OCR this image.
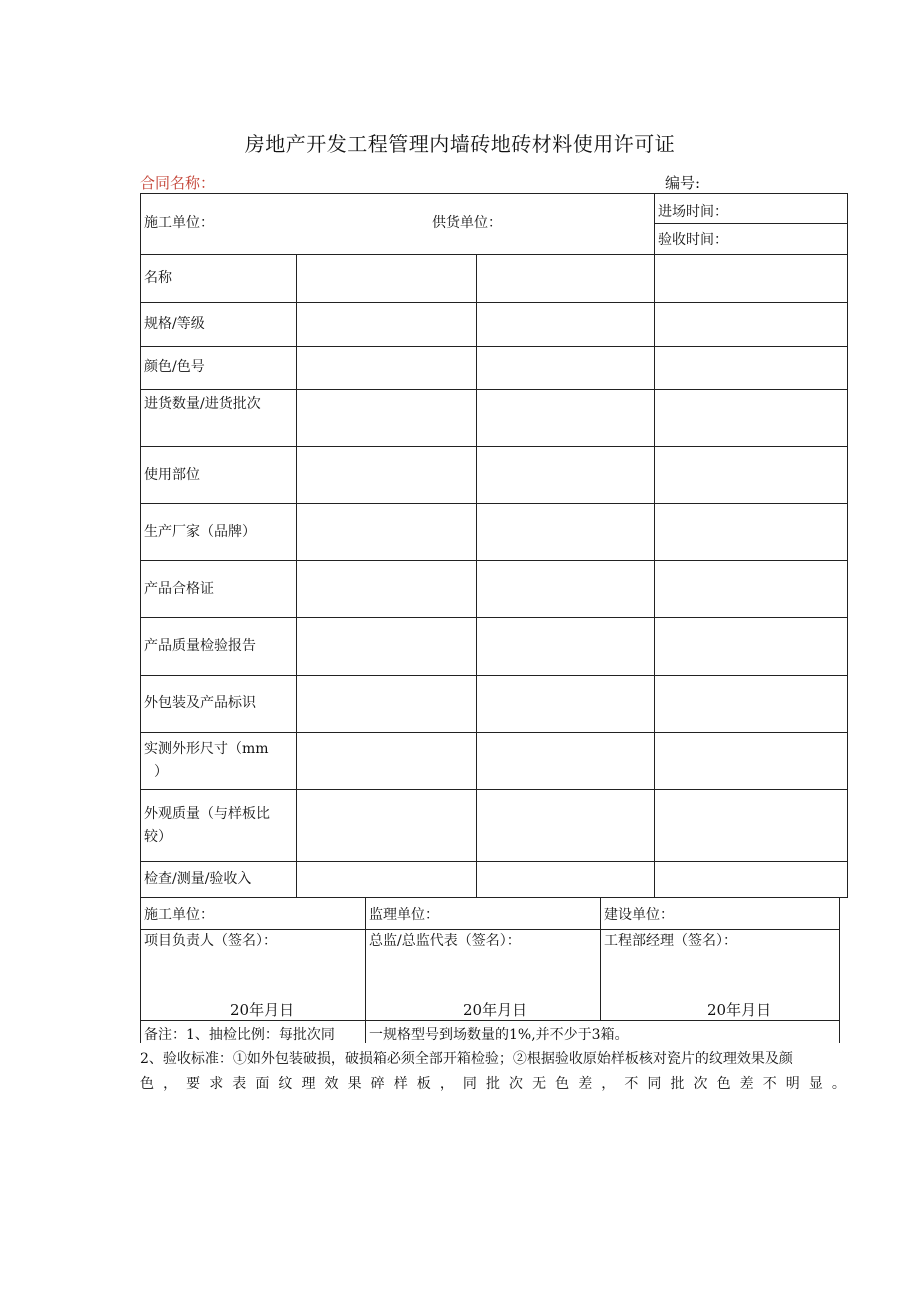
房地产开发工程管理内墙砖地砖材料使用许可证
合同名称：	编号:
施工单位：	供货单位：
进场时间：
验收时间：
名称
规格/等级
颜色/色号
进货数量/进货批次
使用部位
生产厂家（品牌）
产品合格证
产品质量检验报告
外包装及产品标识
实测外形尺寸（mm
）
外观质量（与样板比
较）
检查/测量/验收入
施工单位：	监理单位：	建设单位：
项目负责人（签名）：	总监/总监代表（签名）：	工程部经理（签名）：
20年月日	20年月日	20年月日
备注：1、抽检比例：每批次同 一规格型号到场数量的1%,并不少于3箱。
2、验收标准：①如外包装破损，破损箱必须全部开箱检验；②根据验收原始样板核对瓷片的纹理效果及颜
色 ， 要 求 表 面 纹 理 效 果 碎 样 板 ， 同 批 次 无 色 差 ， 不 同 批 次 色 差 不 明 显 。
